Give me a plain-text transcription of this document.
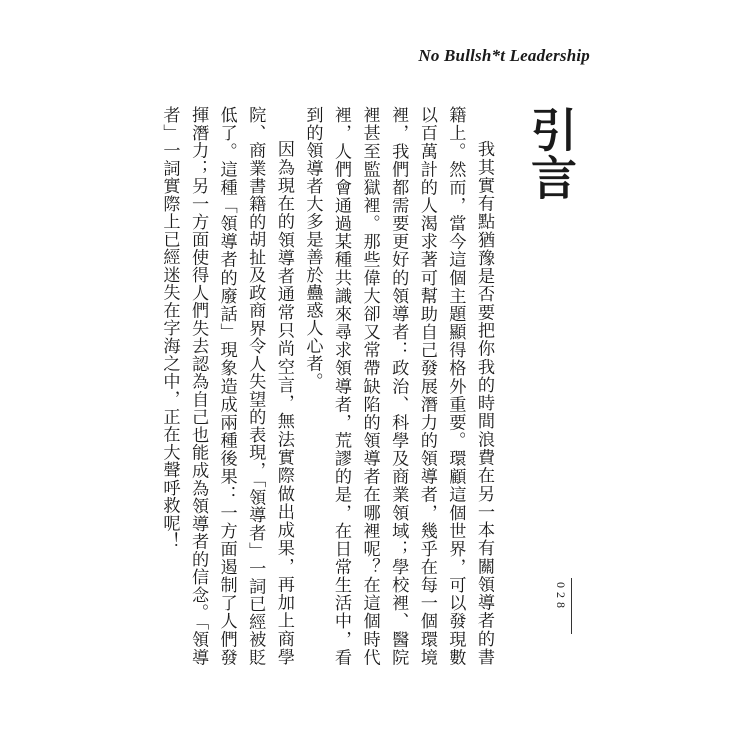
No Bullsh*t Leadership
引言

我其實有點猶豫是否要把你我的時間浪費在另一本有關領導者的書籍上。然而，當今這個主題顯得格外重要。環顧這個世界，可以發現數以百萬計的人渴求著可幫助自己發展潛力的領導者，幾乎在每一個環境裡，我們都需要更好的領導者：政治、科學及商業領域；學校裡、醫院裡甚至監獄裡。那些偉大卻又常帶缺陷的領導者在哪裡呢？在這個時代裡，人們會通過某種共識來尋求領導者，荒謬的是，在日常生活中，看到的領導者大多是善於蠱惑人心者。

因為現在的領導者通常只尚空言，無法實際做出成果，再加上商學院、商業書籍的胡扯及政商界令人失望的表現，「領導者」一詞已經被貶低了。這種「領導者的廢話」現象造成兩種後果：一方面遏制了人們發揮潛力；另一方面使得人們失去認為自己也能成為領導者的信念。「領導者」一詞實際上已經迷失在字海之中，正在大聲呼救呢！

028
